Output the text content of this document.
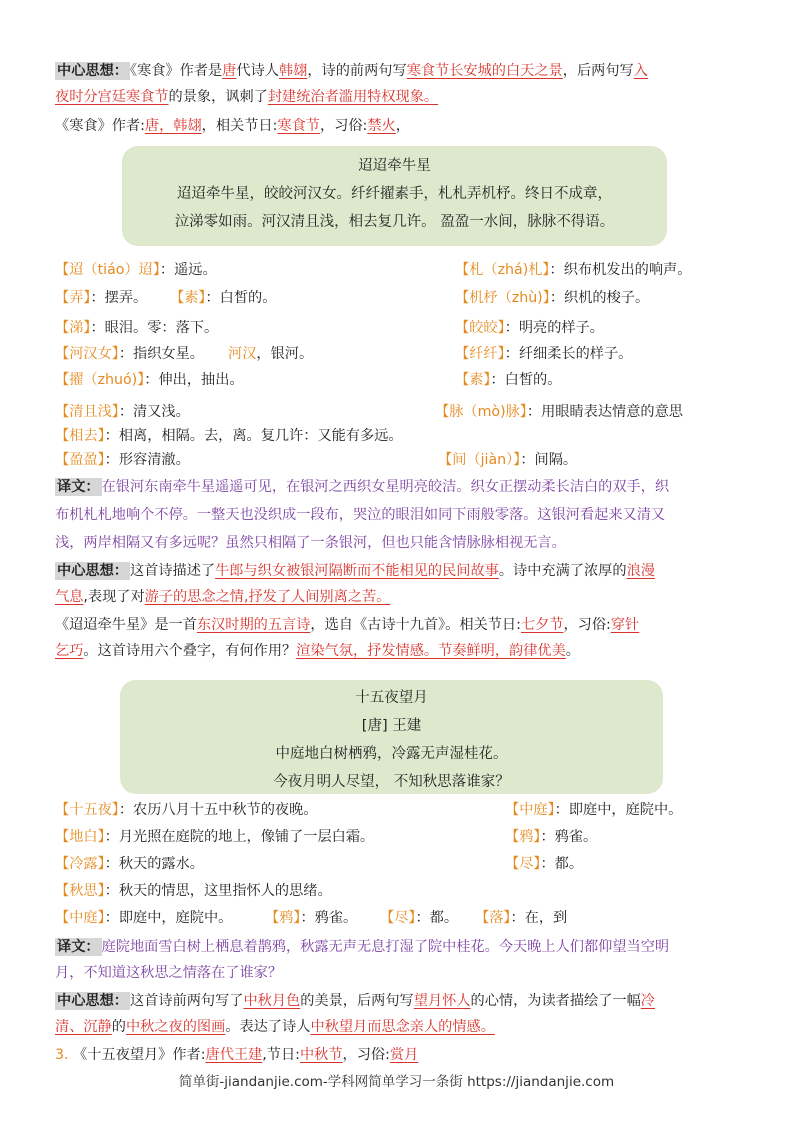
中心思想： 《寒食》作者是唐代诗人韩翃，诗的前两句写寒食节长安城的白天之景，后两句写入
夜时分宫廷寒食节的景象，讽刺了封建统治者滥用特权现象。
《寒食》作者:唐，韩翃，相关节日:寒食节，习俗:禁火，
迢迢牵牛星
迢迢牵牛星，皎皎河汉女。纤纤擢素手，札札弄机杼。终日不成章，
泣涕零如雨。河汉清且浅，相去复几许。 盈盈一水间，脉脉不得语。
【迢（tiáo）迢】：遥远。	【札（zhá)札】：织布机发出的响声。
【弄】：摆弄。 【素】：白皙的。	【机杼（zhù)】：织机的梭子。
【涕】：眼泪。零：落下。	【皎皎】：明亮的样子。
【河汉女】：指织女星。 河汉，银河。	【纤纤】：纤细柔长的样子。
【擢（zhuó)】：伸出，抽出。	【素】：白皙的。
【清且浅】：清又浅。	【脉（mò)脉】：用眼睛表达情意的意思
【相去】：相离，相隔。去，离。复几许：又能有多远。
【盈盈】：形容清澈。	【间（jiàn）】：间隔。
译文： 在银河东南牵牛星遥遥可见，在银河之西织女星明亮皎洁。织女正摆动柔长洁白的双手，织
布机札札地响个不停。一整天也没织成一段布，哭泣的眼泪如同下雨般零落。这银河看起来又清又
浅，两岸相隔又有多远呢？虽然只相隔了一条银河，但也只能含情脉脉相视无言。
中心思想： 这首诗描述了牛郎与织女被银河隔断而不能相见的民间故事。诗中充满了浓厚的浪漫
气息,表现了对游子的思念之情,抒发了人间别离之苦。
《迢迢牵牛星》是一首东汉时期的五言诗，选自《古诗十九首》。相关节日:七夕节，习俗:穿针
乞巧。这首诗用六个叠字，有何作用？渲染气氛，抒发情感。节奏鲜明，韵律优美。
十五夜望月
[唐] 王建
中庭地白树栖鸦，冷露无声湿桂花。
今夜月明人尽望， 不知秋思落谁家？
【十五夜】：农历八月十五中秋节的夜晚。	【中庭】：即庭中，庭院中。
【地白】：月光照在庭院的地上，像铺了一层白霜。	【鸦】：鸦雀。
【冷露】：秋天的露水。	【尽】：都。
【秋思】：秋天的情思，这里指怀人的思绪。
【中庭】：即庭中，庭院中。 【鸦】：鸦雀。 【尽】：都。 【落】：在，到
译文： 庭院地面雪白树上栖息着鹊鸦，秋露无声无息打湿了院中桂花。今天晚上人们都仰望当空明
月，不知道这秋思之情落在了谁家？
中心思想： 这首诗前两句写了中秋月色的美景，后两句写望月怀人的心情，为读者描绘了一幅冷
清、沉静的中秋之夜的图画。表达了诗人中秋望月而思念亲人的情感。
3. 《十五夜望月》作者:唐代王建,节日:中秋节，习俗:赏月
简单街-jiandanjie.com-学科网简单学习一条街 https://jiandanjie.com
